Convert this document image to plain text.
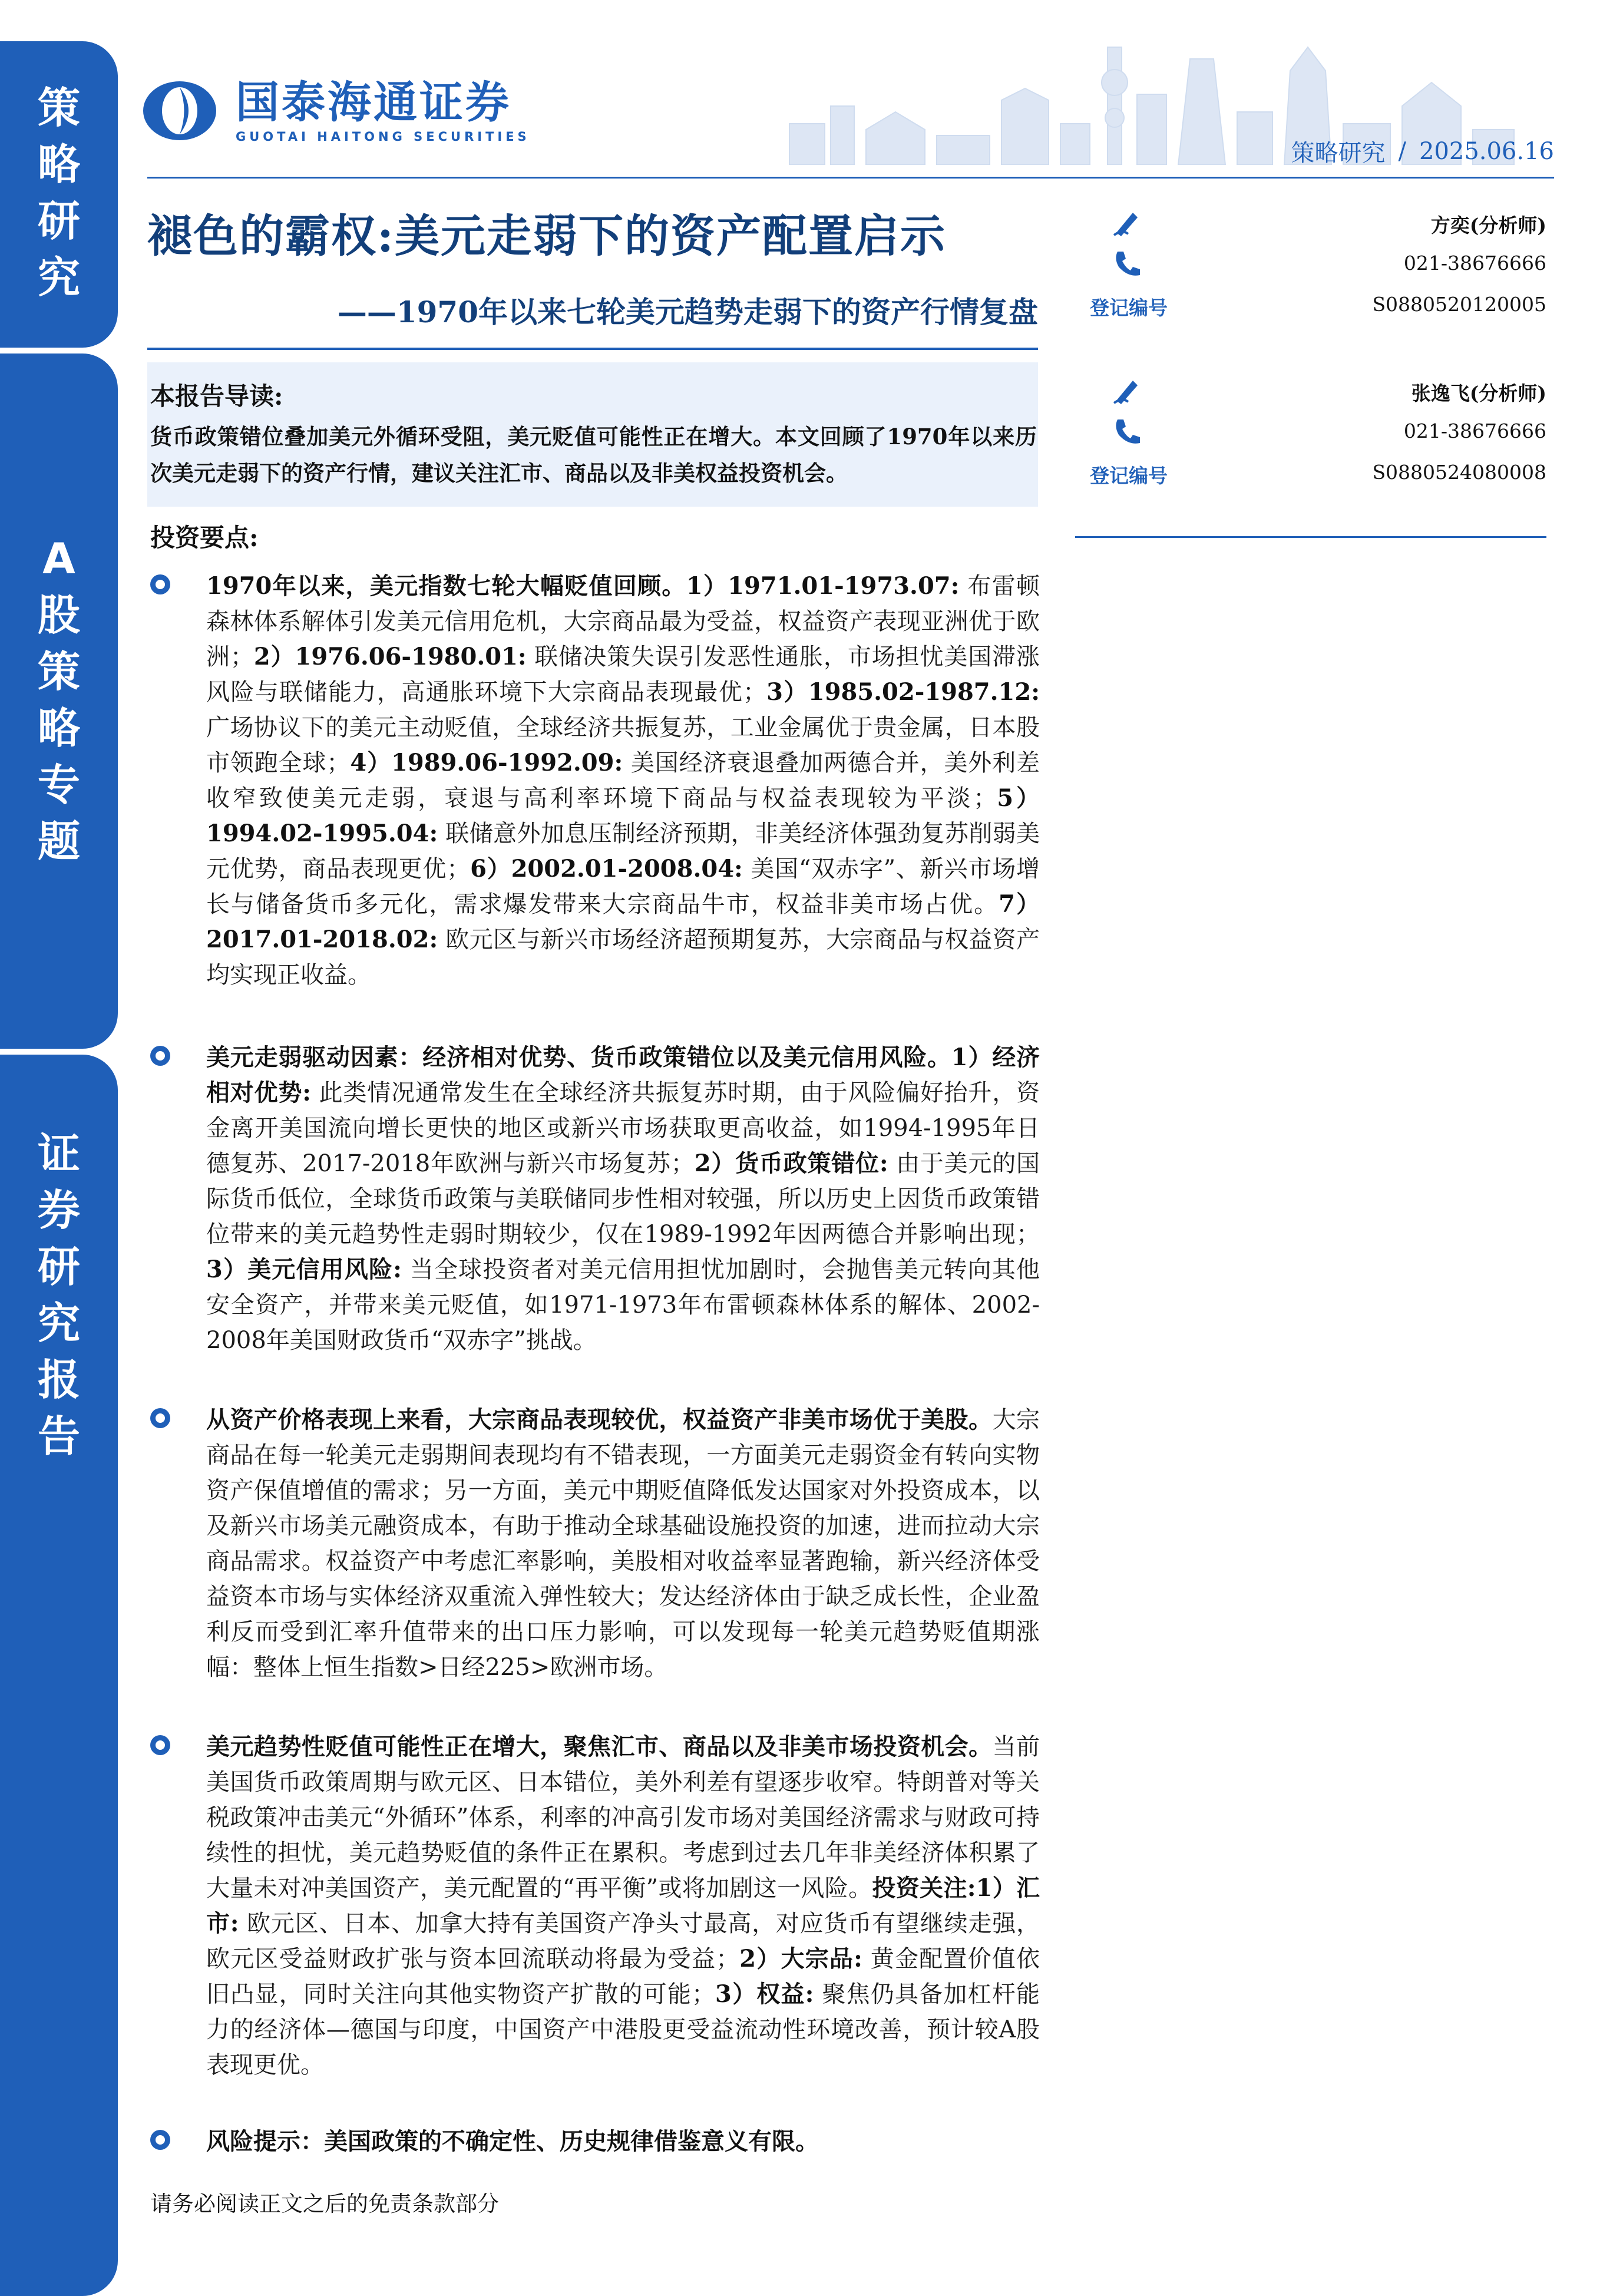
策
略
研
究
A
股
策
略
专
题
证
券
研
究
报
告
国泰海通证券
GUOTAI HAITONG SECURITIES
策略研究 / 2025.06.16
褪色的霸权:美元走弱下的资产配置启示
——1970年以来七轮美元趋势走弱下的资产行情复盘
本报告导读:
货币政策错位叠加美元外循环受阻，美元贬值可能性正在增大。本文回顾了1970年以来历次美元走弱下的资产行情，建议关注汇市、商品以及非美权益投资机会。
投资要点:

1970年以来，美元指数七轮大幅贬值回顾。1）1971.01-1973.07: 布雷顿森林体系解体引发美元信用危机，大宗商品最为受益，权益资产表现亚洲优于欧洲；2）1976.06-1980.01: 联储决策失误引发恶性通胀，市场担忧美国滞涨风险与联储能力，高通胀环境下大宗商品表现最优；3）1985.02-1987.12: 广场协议下的美元主动贬值，全球经济共振复苏，工业金属优于贵金属，日本股市领跑全球；4）1989.06-1992.09: 美国经济衰退叠加两德合并，美外利差收窄致使美元走弱，衰退与高利率环境下商品与权益表现较为平淡；5）1994.02-1995.04: 联储意外加息压制经济预期，非美经济体强劲复苏削弱美元优势，商品表现更优；6）2002.01-2008.04: 美国“双赤字”、新兴市场增长与储备货币多元化，需求爆发带来大宗商品牛市，权益非美市场占优。7）2017.01-2018.02: 欧元区与新兴市场经济超预期复苏，大宗商品与权益资产均实现正收益。

美元走弱驱动因素：经济相对优势、货币政策错位以及美元信用风险。1）经济相对优势: 此类情况通常发生在全球经济共振复苏时期，由于风险偏好抬升，资金离开美国流向增长更快的地区或新兴市场获取更高收益，如1994-1995年日德复苏、2017-2018年欧洲与新兴市场复苏；2）货币政策错位: 由于美元的国际货币低位，全球货币政策与美联储同步性相对较强，所以历史上因货币政策错位带来的美元趋势性走弱时期较少，仅在1989-1992年因两德合并影响出现；3）美元信用风险: 当全球投资者对美元信用担忧加剧时，会抛售美元转向其他安全资产，并带来美元贬值，如1971-1973年布雷顿森林体系的解体、2002-2008年美国财政货币“双赤字”挑战。

从资产价格表现上来看，大宗商品表现较优，权益资产非美市场优于美股。大宗商品在每一轮美元走弱期间表现均有不错表现，一方面美元走弱资金有转向实物资产保值增值的需求；另一方面，美元中期贬值降低发达国家对外投资成本，以及新兴市场美元融资成本，有助于推动全球基础设施投资的加速，进而拉动大宗商品需求。权益资产中考虑汇率影响，美股相对收益率显著跑输，新兴经济体受益资本市场与实体经济双重流入弹性较大；发达经济体由于缺乏成长性，企业盈利反而受到汇率升值带来的出口压力影响，可以发现每一轮美元趋势贬值期涨幅：整体上恒生指数>日经225>欧洲市场。

美元趋势性贬值可能性正在增大，聚焦汇市、商品以及非美市场投资机会。当前美国货币政策周期与欧元区、日本错位，美外利差有望逐步收窄。特朗普对等关税政策冲击美元“外循环”体系，利率的冲高引发市场对美国经济需求与财政可持续性的担忧，美元趋势贬值的条件正在累积。考虑到过去几年非美经济体积累了大量未对冲美国资产，美元配置的“再平衡”或将加剧这一风险。投资关注:1）汇市: 欧元区、日本、加拿大持有美国资产净头寸最高，对应货币有望继续走强，欧元区受益财政扩张与资本回流联动将最为受益；2）大宗品: 黄金配置价值依旧凸显，同时关注向其他实物资产扩散的可能；3）权益: 聚焦仍具备加杠杆能力的经济体—德国与印度，中国资产中港股更受益流动性环境改善，预计较A股表现更优。

风险提示：美国政策的不确定性、历史规律借鉴意义有限。

方奕(分析师)
021-38676666
登记编号	S0880520120005
张逸飞(分析师)
021-38676666
登记编号	S0880524080008
请务必阅读正文之后的免责条款部分
